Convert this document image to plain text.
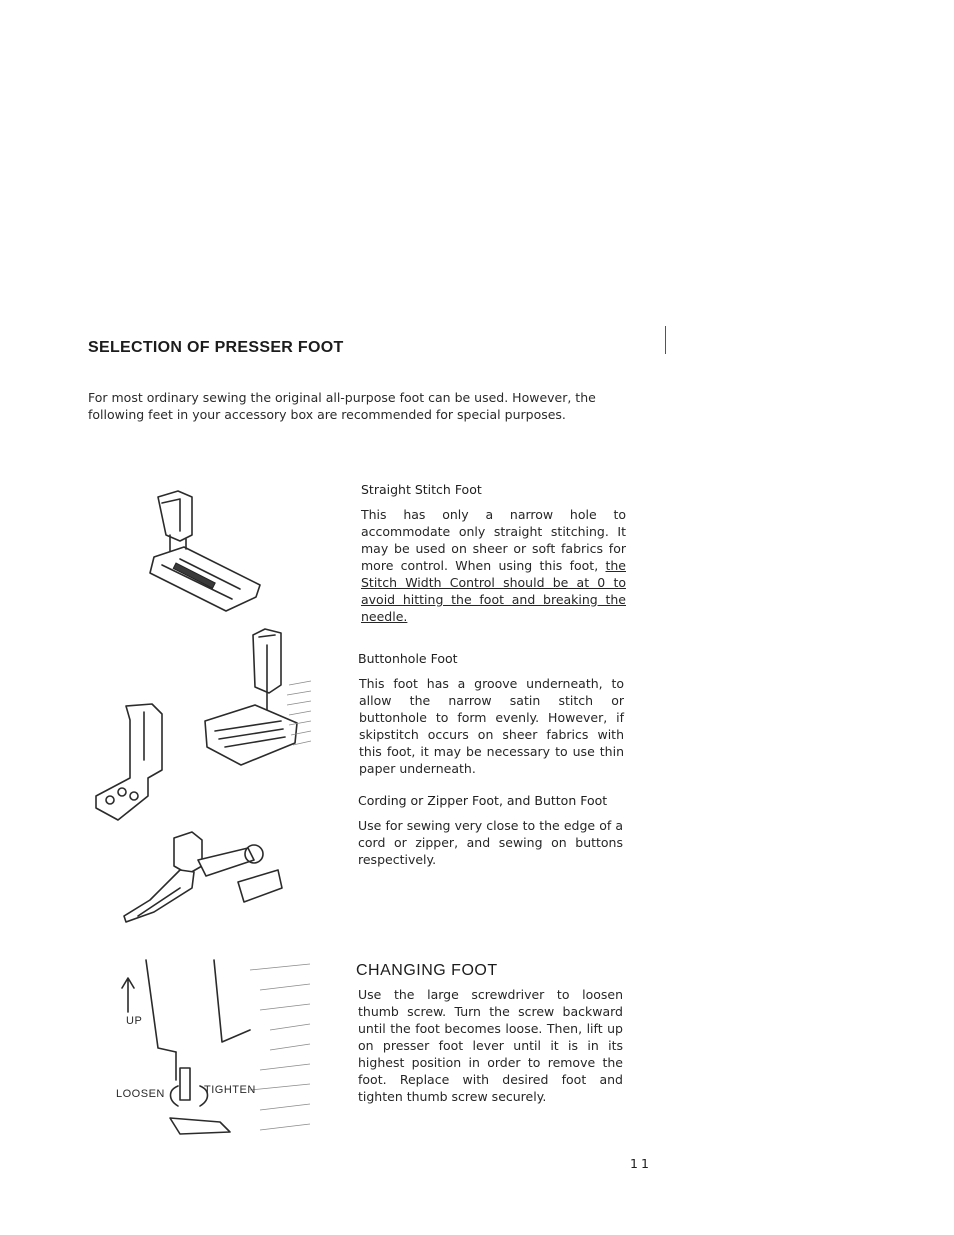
SELECTION OF PRESSER FOOT
For most ordinary sewing the original all-purpose foot can be used. However, the following feet in your accessory box are recommended for special purposes.
Straight Stitch Foot
This has only a narrow hole to accommodate only straight stitching. It may be used on sheer or soft fabrics for more control. When using this foot, the Stitch Width Control should be at 0 to avoid hitting the foot and breaking the needle.
Buttonhole Foot
This foot has a groove underneath, to allow the narrow satin stitch or buttonhole to form evenly. However, if skipstitch occurs on sheer fabrics with this foot, it may be necessary to use thin paper underneath.
Cording or Zipper Foot, and Button Foot
Use for sewing very close to the edge of a cord or zipper, and sewing on buttons respectively.
CHANGING FOOT
Use the large screwdriver to loosen thumb screw. Turn the screw backward until the foot becomes loose. Then, lift up on presser foot lever until it is in its highest position in order to remove the foot. Replace with desired foot and tighten thumb screw securely.
11
UP
LOOSEN	TIGHTEN
